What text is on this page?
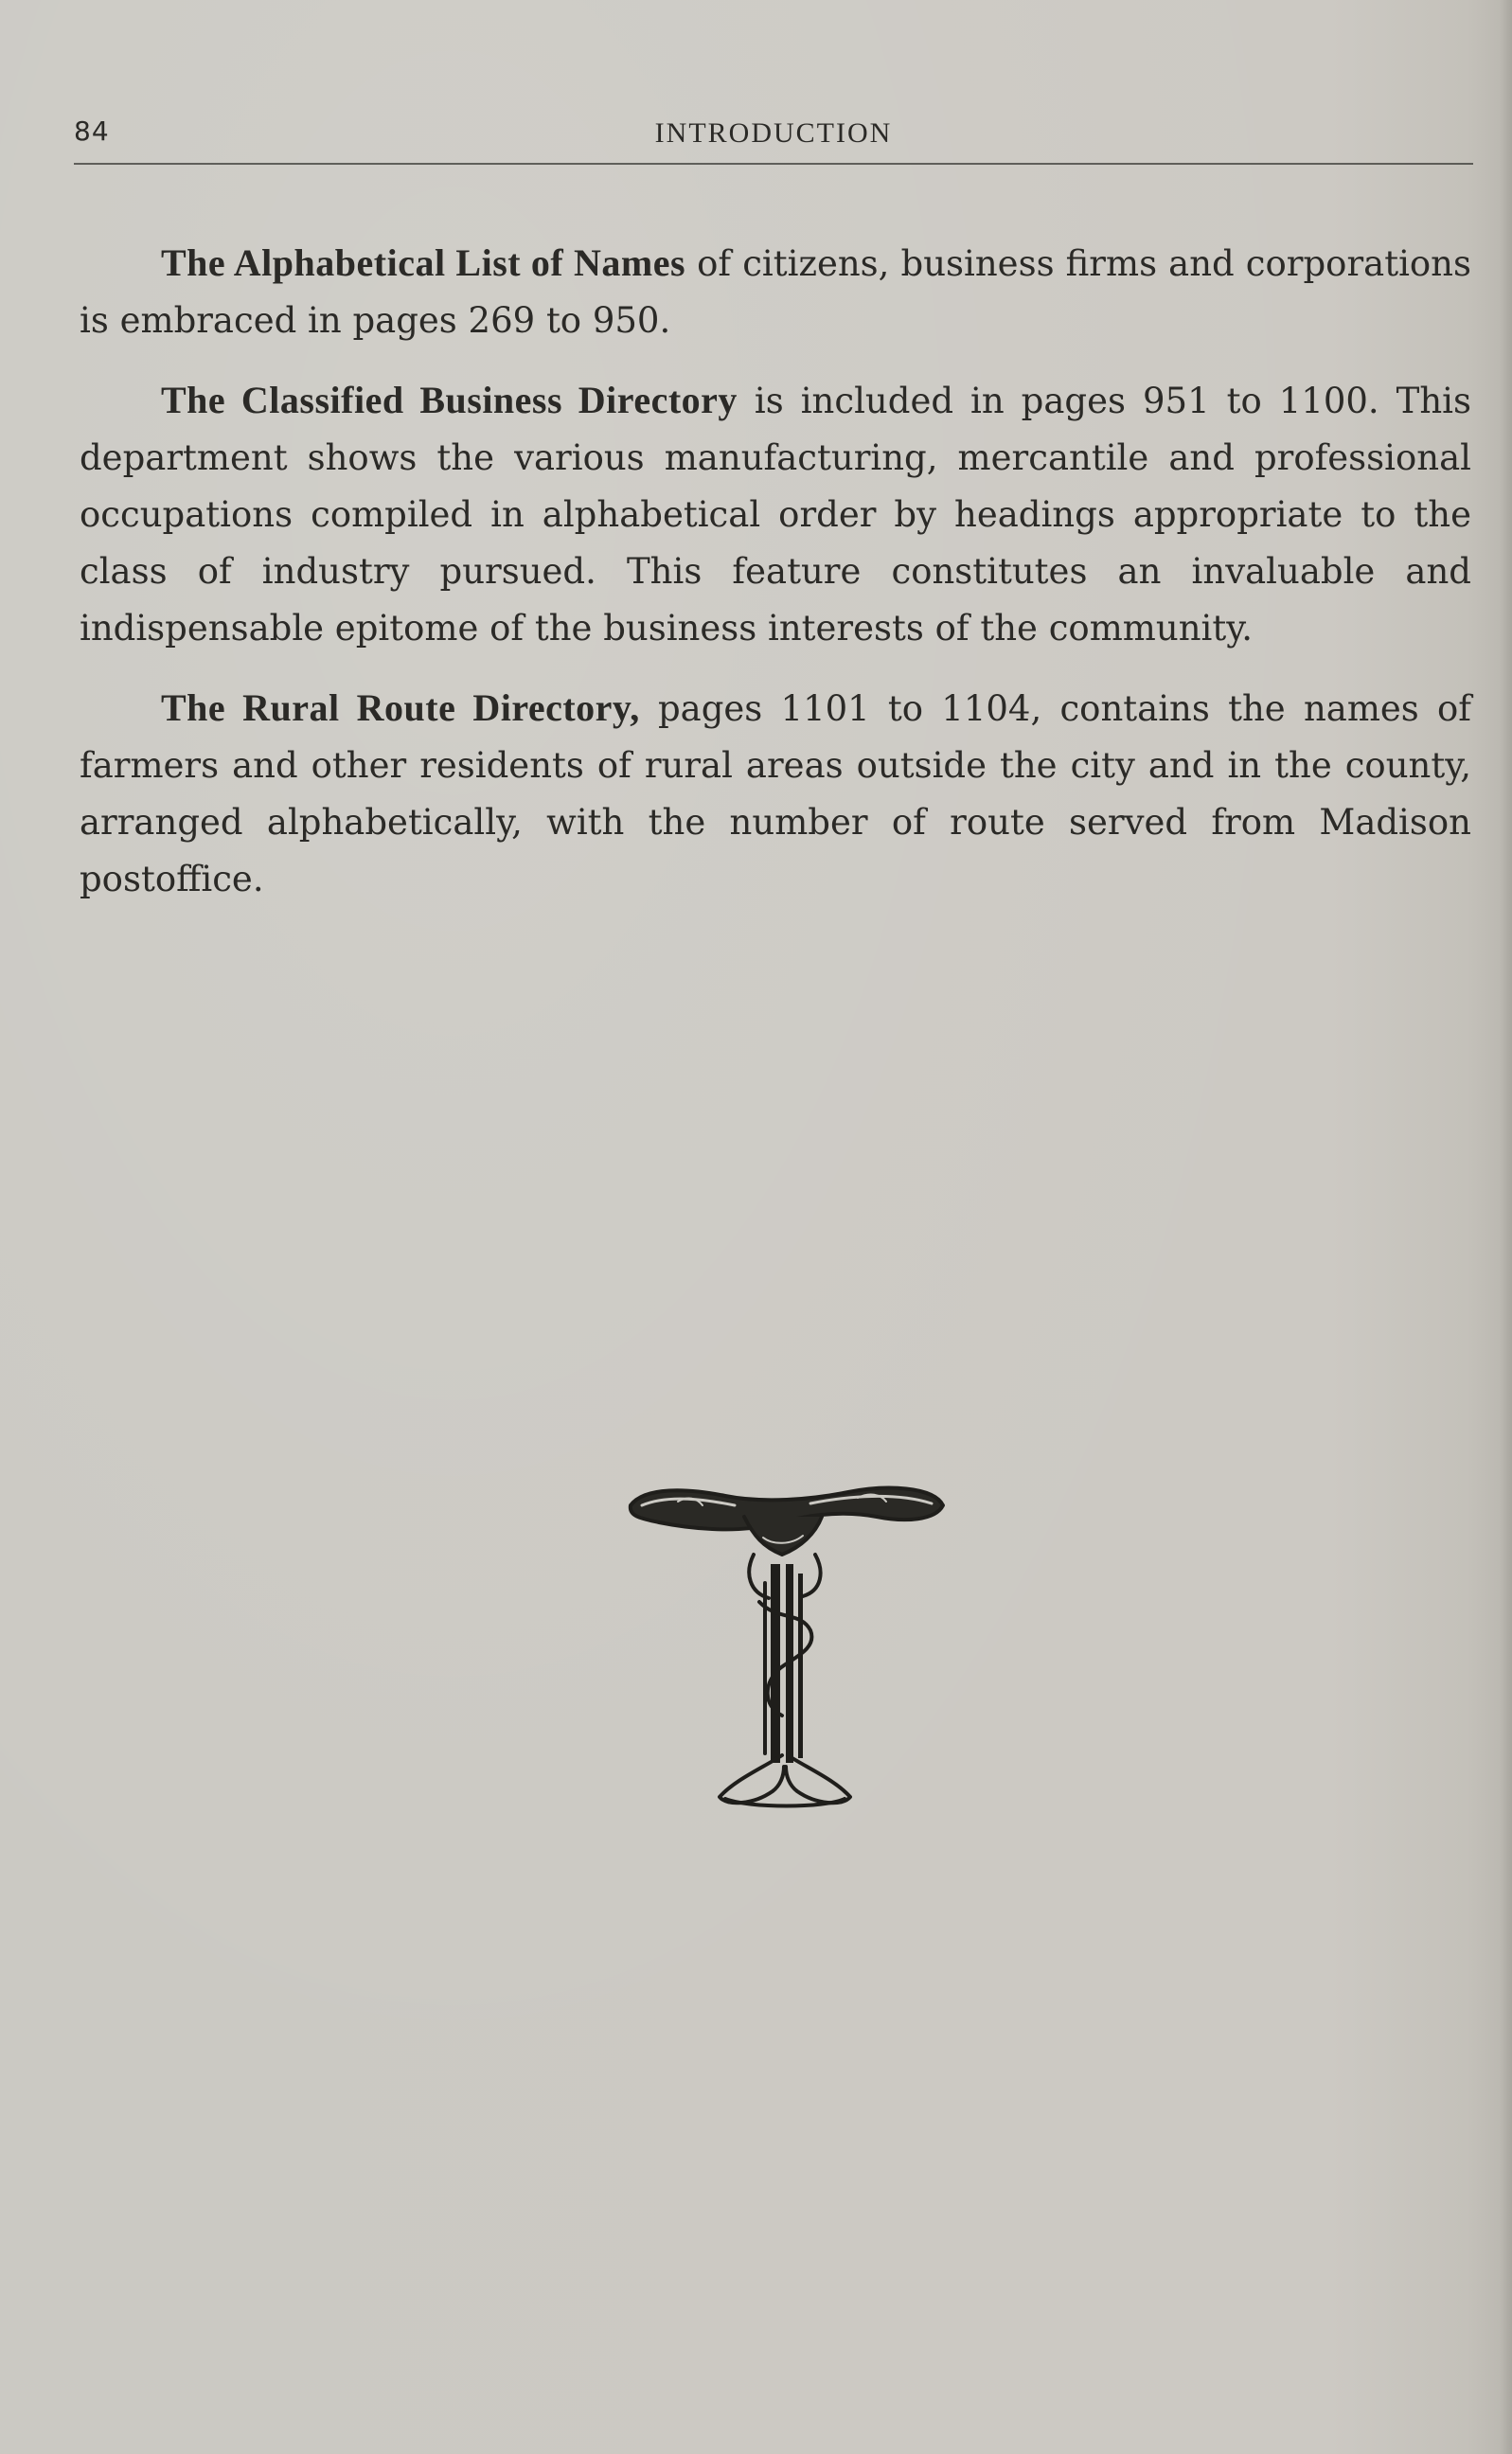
84	INTRODUCTION

The Alphabetical List of Names of citizens, business firms and corporations is embraced in pages 269 to 950.

The Classified Business Directory is included in pages 951 to 1100. This department shows the various manufacturing, mercantile and professional occupations compiled in alphabetical order by headings appropriate to the class of industry pursued. This feature constitutes an invaluable and indispensable epitome of the business interests of the community.

The Rural Route Directory, pages 1101 to 1104, contains the names of farmers and other residents of rural areas outside the city and in the county, arranged alphabetically, with the number of route served from Madison postoffice.
